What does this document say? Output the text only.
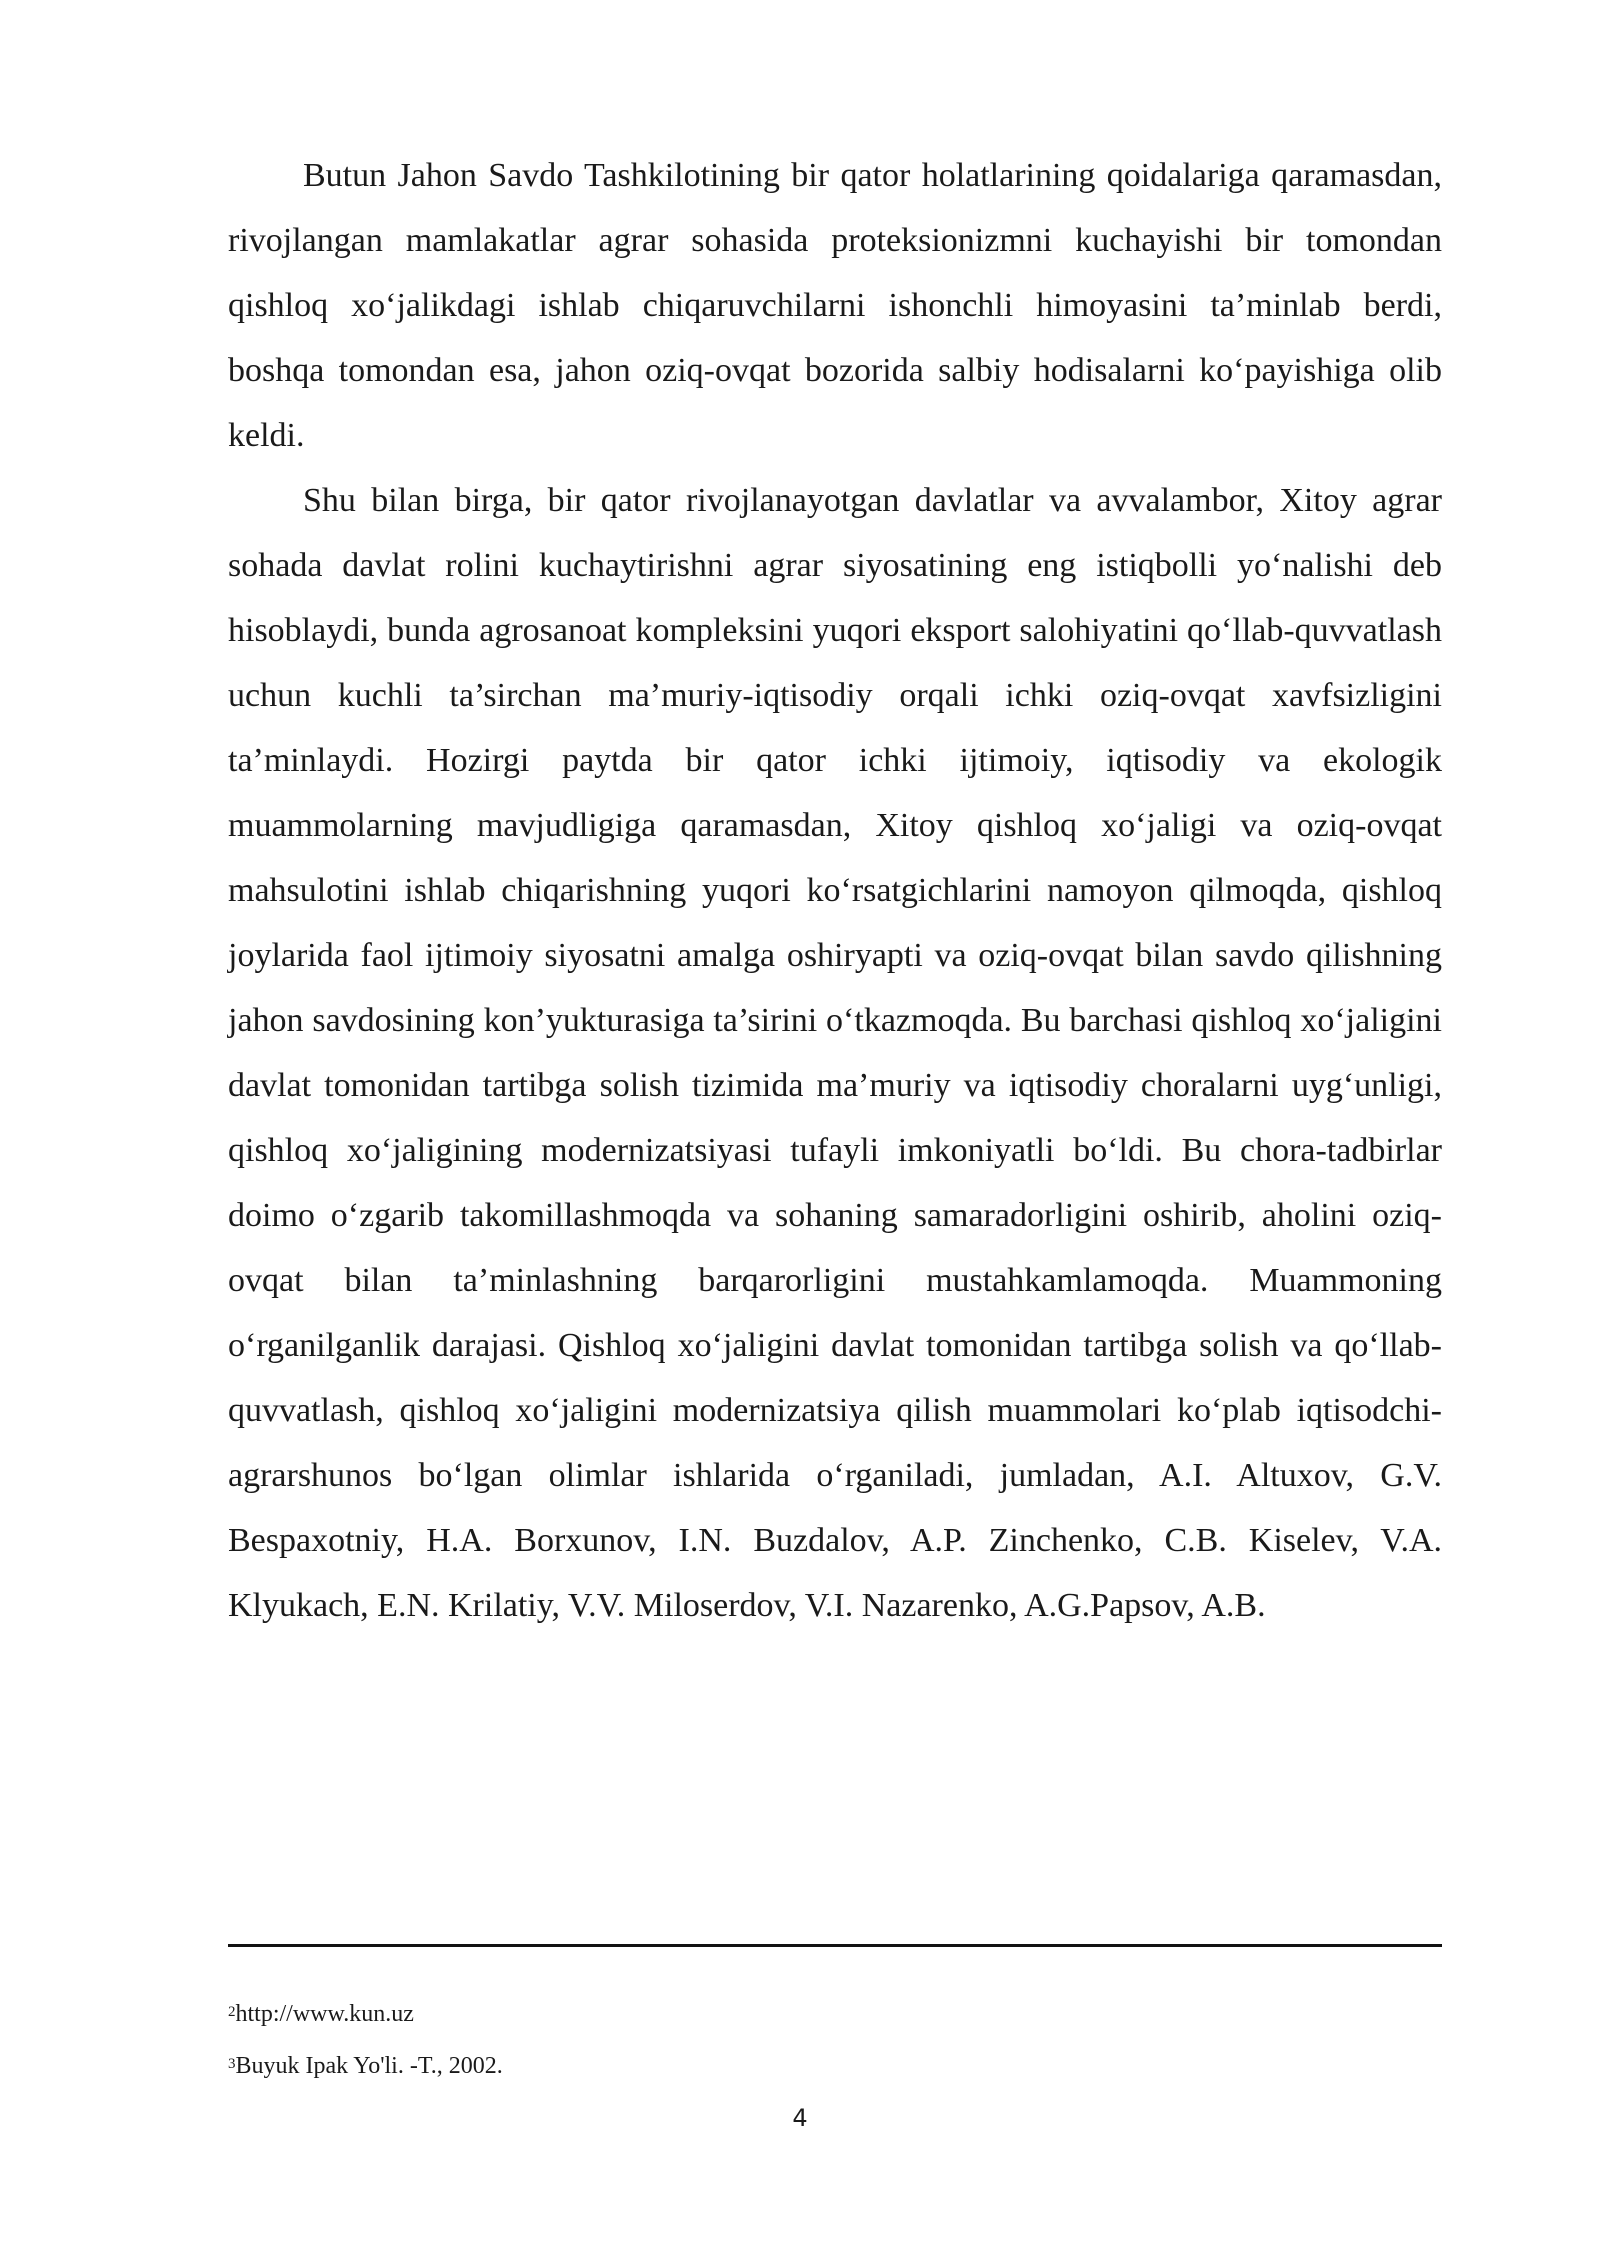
Butun Jahon Savdo Tashkilotining bir qator holatlarining qoidalariga qaramasdan, rivojlangan mamlakatlar agrar sohasida proteksionizmni kuchayishi bir tomondan qishloq xo‘jalikdagi ishlab chiqaruvchilarni ishonchli himoyasini ta’minlab berdi, boshqa tomondan esa, jahon oziq-ovqat bozorida salbiy hodisalarni ko‘payishiga olib keldi.

Shu bilan birga, bir qator rivojlanayotgan davlatlar va avvalambor, Xitoy agrar sohada davlat rolini kuchaytirishni agrar siyosatining eng istiqbolli yo‘nalishi deb hisoblaydi, bunda agrosanoat kompleksini yuqori eksport salohiyatini qo‘llab-quvvatlash uchun kuchli ta’sirchan ma’muriy-iqtisodiy orqali ichki oziq-ovqat xavfsizligini ta’minlaydi. Hozirgi paytda bir qator ichki ijtimoiy, iqtisodiy va ekologik muammolarning mavjudligiga qaramasdan, Xitoy qishloq xo‘jaligi va oziq-ovqat mahsulotini ishlab chiqarishning yuqori ko‘rsatgichlarini namoyon qilmoqda, qishloq joylarida faol ijtimoiy siyosatni amalga oshiryapti va oziq-ovqat bilan savdo qilishning jahon savdosining kon’yukturasiga ta’sirini o‘tkazmoqda. Bu barchasi qishloq xo‘jaligini davlat tomonidan tartibga solish tizimida ma’muriy va iqtisodiy choralarni uyg‘unligi, qishloq xo‘jaligining modernizatsiyasi tufayli imkoniyatli bo‘ldi. Bu chora-tadbirlar doimo o‘zgarib takomillashmoqda va sohaning samaradorligini oshirib, aholini oziq-ovqat bilan ta’minlashning barqarorligini mustahkamlamoqda. Muammoning o‘rganilganlik darajasi. Qishloq xo‘jaligini davlat tomonidan tartibga solish va qo‘llab-quvvatlash, qishloq xo‘jaligini modernizatsiya qilish muammolari ko‘plab iqtisodchi-agrarshunos bo‘lgan olimlar ishlarida o‘rganiladi, jumladan, A.I. Altuxov, G.V. Bespaxotniy, H.A. Borxunov, I.N. Buzdalov, A.P. Zinchenko, C.B. Kiselev, V.A. Klyukach, E.N. Krilatiy, V.V. Miloserdov, V.I. Nazarenko, A.G.Papsov, A.B.

$^2$http://www.kun.uz

$^3$Buyuk Ipak Yo'li. -T., 2002.

4
